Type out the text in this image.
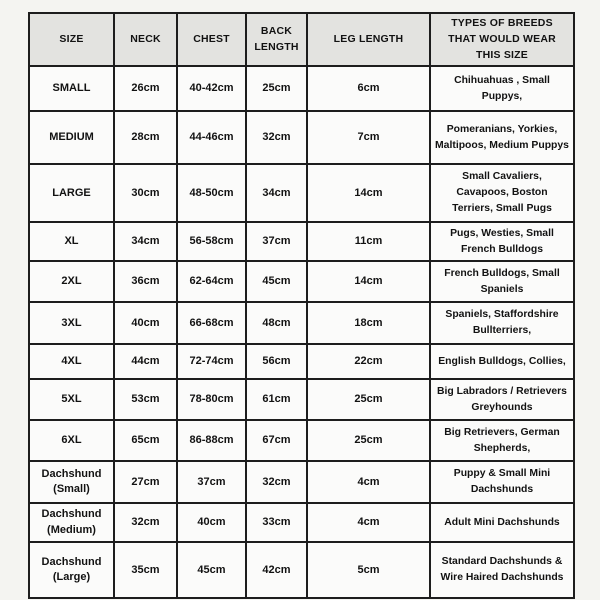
SIZE	NECK	CHEST	BACK LENGTH	LEG LENGTH	TYPES OF BREEDS THAT WOULD WEAR THIS SIZE
SMALL	26cm	40-42cm	25cm	6cm	Chihuahuas , Small Puppys,
MEDIUM	28cm	44-46cm	32cm	7cm	Pomeranians, Yorkies, Maltipoos, Medium Puppys
LARGE	30cm	48-50cm	34cm	14cm	Small Cavaliers, Cavapoos, Boston Terriers, Small Pugs
XL	34cm	56-58cm	37cm	11cm	Pugs, Westies, Small French Bulldogs
2XL	36cm	62-64cm	45cm	14cm	French Bulldogs, Small Spaniels
3XL	40cm	66-68cm	48cm	18cm	Spaniels, Staffordshire Bullterriers,
4XL	44cm	72-74cm	56cm	22cm	English Bulldogs, Collies,
5XL	53cm	78-80cm	61cm	25cm	Big Labradors / Retrievers Greyhounds
6XL	65cm	86-88cm	67cm	25cm	Big Retrievers, German Shepherds,
Dachshund (Small)	27cm	37cm	32cm	4cm	Puppy & Small Mini Dachshunds
Dachshund (Medium)	32cm	40cm	33cm	4cm	Adult Mini Dachshunds
Dachshund (Large)	35cm	45cm	42cm	5cm	Standard Dachshunds & Wire Haired Dachshunds
